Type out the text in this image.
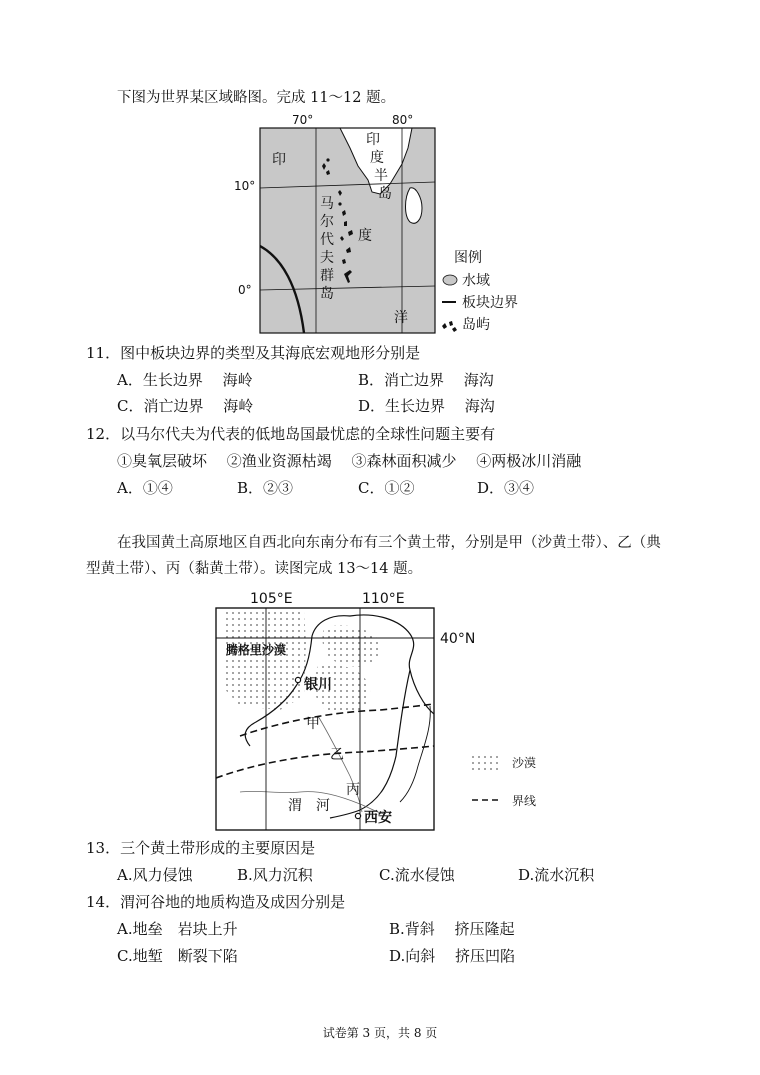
下图为世界某区域略图。完成 11～12 题。
70°	80°
10°
0°
印
度
洋
印
度
半
岛
马
尔
代
夫
群
岛
图例
水域
板块边界
岛屿
11．图中板块边界的类型及其海底宏观地形分别是
A．生长边界　 海岭	B．消亡边界　 海沟
C．消亡边界　 海岭	D．生长边界　 海沟
12．以马尔代夫为代表的低地岛国最忧虑的全球性问题主要有
①臭氧层破坏　 ②渔业资源枯竭　 ③森林面积减少　 ④两极冰川消融
A．①④	B．②③	C．①②	D．③④
在我国黄土高原地区自西北向东南分布有三个黄土带，分别是甲（沙黄土带）、乙（典
型黄土带）、丙（黏黄土带）。读图完成 13～14 题。
105°E	110°E
40°N
腾格里沙漠
银川
甲
乙
丙
渭　河
西安
沙漠
界线
13．三个黄土带形成的主要原因是
A.风力侵蚀	B.风力沉积	C.流水侵蚀	D.流水沉积
14．渭河谷地的地质构造及成因分别是
A.地垒　岩块上升	B.背斜　 挤压隆起
C.地堑　断裂下陷	D.向斜　 挤压凹陷
试卷第 3 页，共 8 页
